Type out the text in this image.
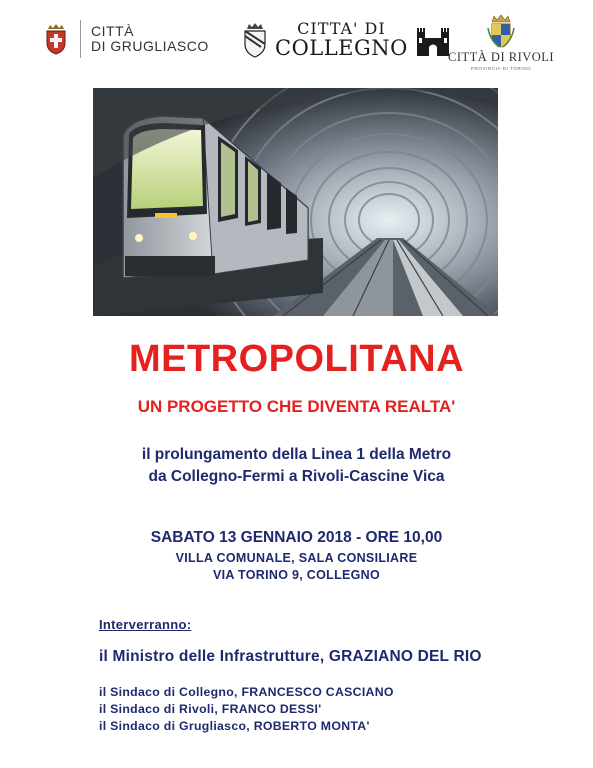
CITTÀ
DI GRUGLIASCO
CITTA' DI
COLLEGNO	CITTÀ DI RIVOLI
PROVINCIA DI TORINO
METROPOLITANA
UN PROGETTO CHE DIVENTA REALTA'
il prolungamento della Linea 1 della Metro
da Collegno-Fermi a Rivoli-Cascine Vica
SABATO 13 GENNAIO 2018 - ORE 10,00
VILLA COMUNALE, SALA CONSILIARE
VIA TORINO 9, COLLEGNO
Interverranno:
il Ministro delle Infrastrutture, GRAZIANO DEL RIO
il Sindaco di Collegno, FRANCESCO CASCIANO
il Sindaco di Rivoli, FRANCO DESSI'
il Sindaco di Grugliasco, ROBERTO MONTA'
